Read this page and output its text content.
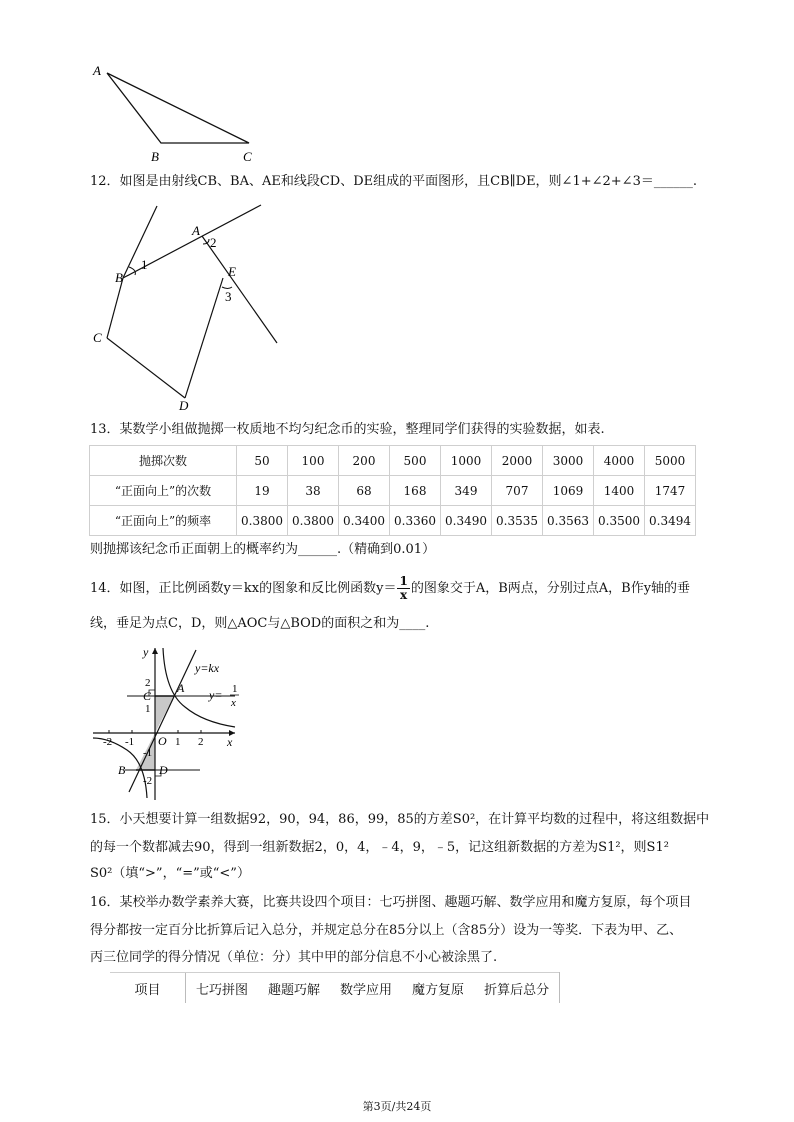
A
B	C
12．如图是由射线CB、BA、AE和线段CD、DE组成的平面图形，且CB∥DE，则∠1+∠2+∠3＝______.
A
2
B
1	E
3
C
D
13．某数学小组做抛掷一枚质地不均匀纪念币的实验，整理同学们获得的实验数据，如表.
抛掷次数	50	100	200	500	1000	2000	3000	4000	5000
“正面向上”的次数	19	38	68	168	349	707	1069	1400	1747
“正面向上”的频率	0.3800	0.3800	0.3400	0.3360	0.3490	0.3535	0.3563	0.3500	0.3494
则抛掷该纪念币正面朝上的概率约为______.（精确到0.01）
14．如图，正比例函数y＝kx的图象和反比例函数$y= \frac{1}{x}$ 的图象交于A，B两点，分别过点A，B作y轴的垂
线，垂足为点C，D，则△AOC与△BOD的面积之和为____.
y
x
y=kx
y= 1
x
C
A
O
B	D
2
1
-2 -1	1 2
-1
-2
15．小天想要计算一组数据92，90，94，86，99，85的方差S0²，在计算平均数的过程中，将这组数据中
的每一个数都减去90，得到一组新数据2，0，4，﹣4，9，﹣5，记这组新数据的方差为S1²，则S1²
S0²（填“>”，“=”或“<”）
16．某校举办数学素养大赛，比赛共设四个项目：七巧拼图、趣题巧解、数学应用和魔方复原，每个项目
得分都按一定百分比折算后记入总分，并规定总分在85分以上（含85分）设为一等奖．下表为甲、乙、
丙三位同学的得分情况（单位：分）其中甲的部分信息不小心被涂黑了.
项目	七巧拼图	趣题巧解	数学应用	魔方复原	折算后总分
第3页/共24页
